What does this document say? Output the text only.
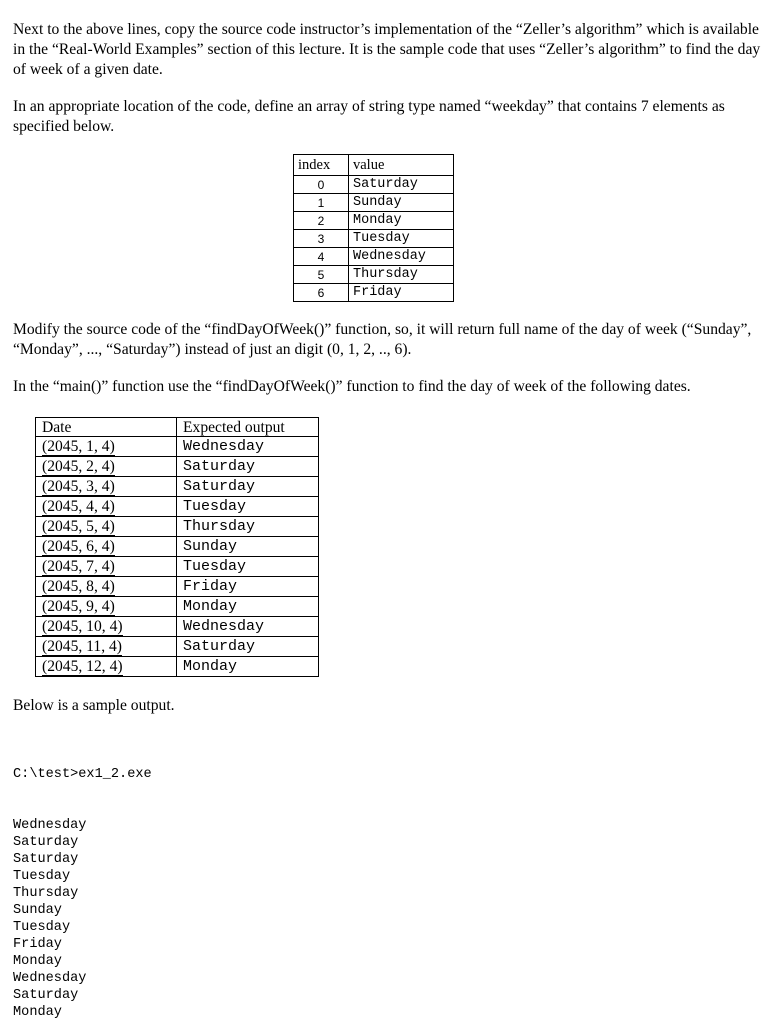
Next to the above lines, copy the source code instructor’s implementation of the “Zeller’s algorithm” which is available in the “Real-World Examples” section of this lecture. It is the sample code that uses “Zeller’s algorithm” to find the day of week of a given date.

In an appropriate location of the code, define an array of string type named “weekday” that contains 7 elements as specified below.

index	value
0	Saturday
1	Sunday
2	Monday
3	Tuesday
4	Wednesday
5	Thursday
6	Friday

Modify the source code of the “findDayOfWeek()” function, so, it will return full name of the day of week (“Sunday”, “Monday”, ..., “Saturday”) instead of just an digit (0, 1, 2, .., 6).

In the “main()” function use the “findDayOfWeek()” function to find the day of week of the following dates.

Date	Expected output
(2045, 1, 4)	Wednesday
(2045, 2, 4)	Saturday
(2045, 3, 4)	Saturday
(2045, 4, 4)	Tuesday
(2045, 5, 4)	Thursday
(2045, 6, 4)	Sunday
(2045, 7, 4)	Tuesday
(2045, 8, 4)	Friday
(2045, 9, 4)	Monday
(2045, 10, 4)	Wednesday
(2045, 11, 4)	Saturday
(2045, 12, 4)	Monday

Below is a sample output.

C:\test>ex1_2.exe

Wednesday
Saturday
Saturday
Tuesday
Thursday
Sunday
Tuesday
Friday
Monday
Wednesday
Saturday
Monday
